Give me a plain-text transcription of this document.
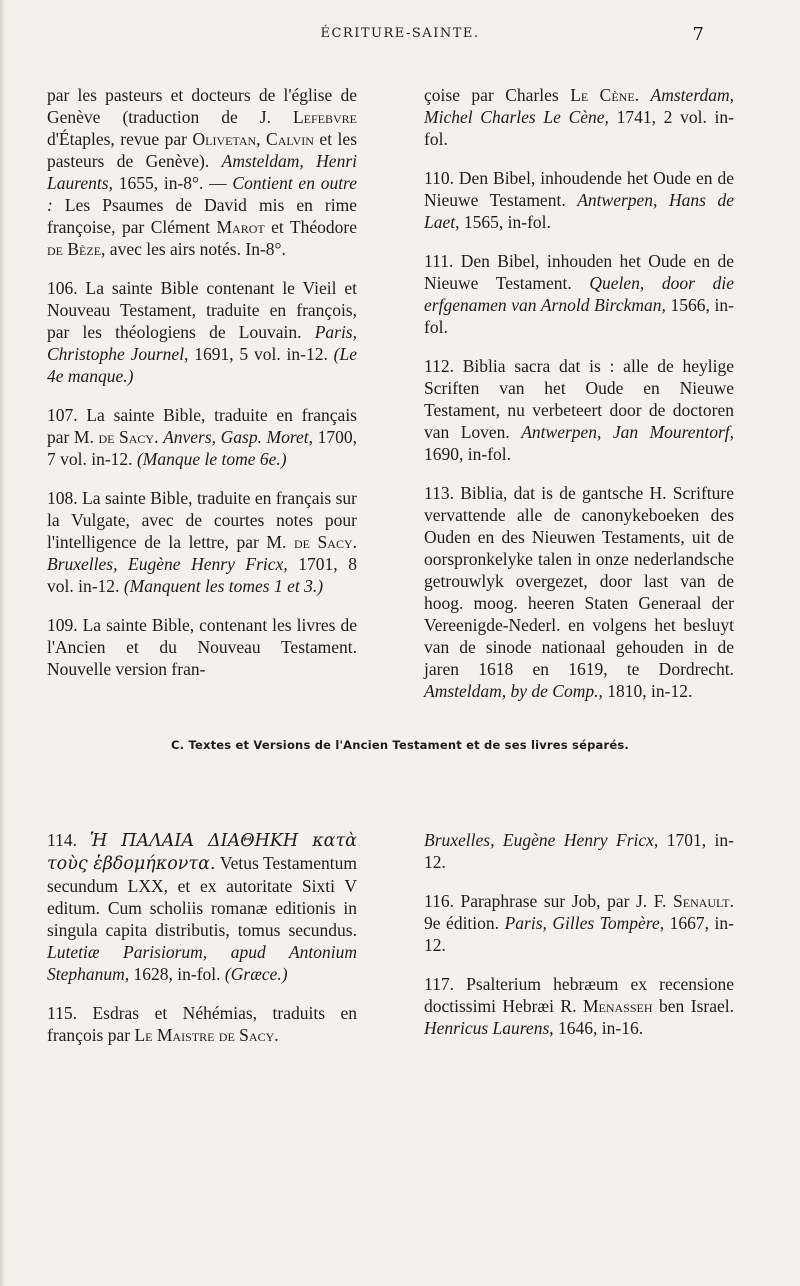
ÉCRITURE-SAINTE.	7

par les pasteurs et docteurs de l'église de Genève (traduction de J. Lefebvre d'Étaples, revue par Olivetan, Calvin et les pasteurs de Genève). Amsteldam, Henri Laurents, 1655, in-8°. — Contient en outre : Les Psaumes de David mis en rime françoise, par Clément Marot et Théodore de Bèze, avec les airs notés. In-8°.

106. La sainte Bible contenant le Vieil et Nouveau Testament, traduite en françois, par les théologiens de Louvain. Paris, Christophe Journel, 1691, 5 vol. in-12. (Le 4e manque.)

107. La sainte Bible, traduite en français par M. de Sacy. Anvers, Gasp. Moret, 1700, 7 vol. in-12. (Manque le tome 6e.)

108. La sainte Bible, traduite en français sur la Vulgate, avec de courtes notes pour l'intelligence de la lettre, par M. de Sacy. Bruxelles, Eugène Henry Fricx, 1701, 8 vol. in-12. (Manquent les tomes 1 et 3.)

109. La sainte Bible, contenant les livres de l'Ancien et du Nouveau Testament. Nouvelle version fran-

çoise par Charles Le Cène. Amsterdam, Michel Charles Le Cène, 1741, 2 vol. in-fol.

110. Den Bibel, inhoudende het Oude en de Nieuwe Testament. Antwerpen, Hans de Laet, 1565, in-fol.

111. Den Bibel, inhouden het Oude en de Nieuwe Testament. Quelen, door die erfgenamen van Arnold Birckman, 1566, in-fol.

112. Biblia sacra dat is : alle de heylige Scriften van het Oude en Nieuwe Testament, nu verbeteert door de doctoren van Loven. Antwerpen, Jan Mourentorf, 1690, in-fol.

113. Biblia, dat is de gantsche H. Scrifture vervattende alle de canonykeboeken des Ouden en des Nieuwen Testaments, uit de oorspronkelyke talen in onze nederlandsche getrouwlyk overgezet, door last van de hoog. moog. heeren Staten Generaal der Vereenigde-Nederl. en volgens het besluyt van de sinode nationaal gehouden in de jaren 1618 en 1619, te Dordrecht. Amsteldam, by de Comp., 1810, in-12.

C. Textes et Versions de l'Ancien Testament et de ses livres séparés.

114. Ἡ ΠΑΛΑΙΑ ΔΙΑΘΗΚΗ κατὰ τοὺς ἑβδομήκοντα. Vetus Testamentum secundum LXX, et ex autoritate Sixti V editum. Cum scholiis romanæ editionis in singula capita distributis, tomus secundus. Lutetiæ Parisiorum, apud Antonium Stephanum, 1628, in-fol. (Græce.)

115. Esdras et Néhémias, traduits en françois par Le Maistre de Sacy.

Bruxelles, Eugène Henry Fricx, 1701, in-12.

116. Paraphrase sur Job, par J. F. Senault. 9e édition. Paris, Gilles Tompère, 1667, in-12.

117. Psalterium hebræum ex recensione doctissimi Hebræi R. Menasseh ben Israel. Henricus Laurens, 1646, in-16.
